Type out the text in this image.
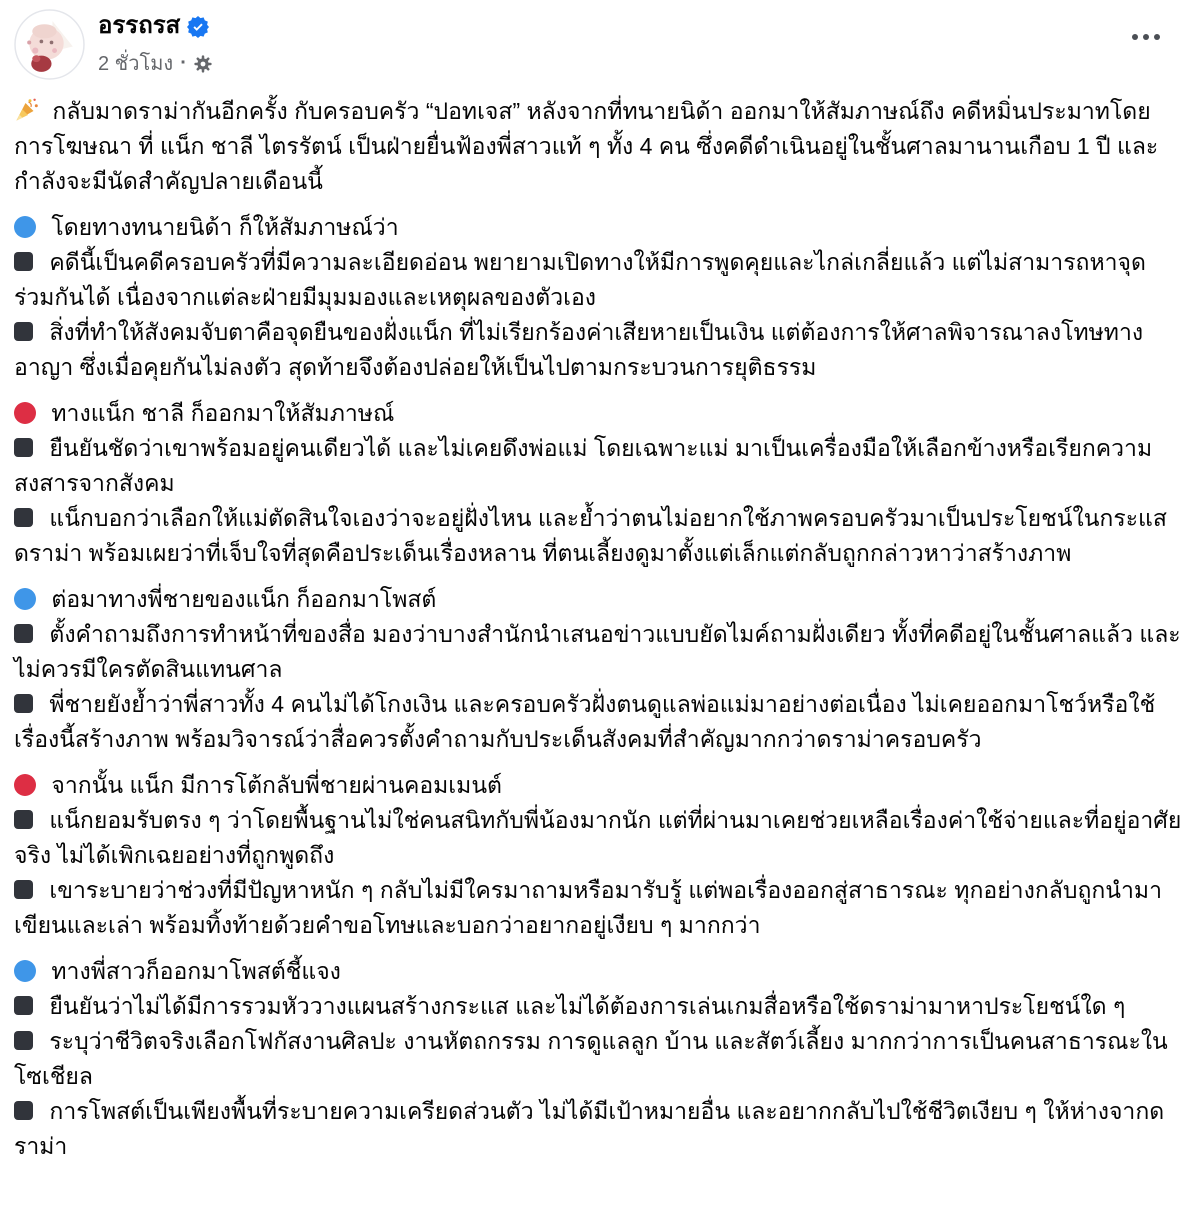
อรรถรส
2 ชั่วโมง ·
กลับมาดราม่ากันอีกครั้ง กับครอบครัว “ปอทเจส” หลังจากที่ทนายนิด้า ออกมาให้สัมภาษณ์ถึง คดีหมิ่นประมาทโดยการโฆษณา ที่ แน็ก ชาลี ไตรรัตน์ เป็นฝ่ายยื่นฟ้องพี่สาวแท้ ๆ ทั้ง 4 คน ซึ่งคดีดำเนินอยู่ในชั้นศาลมานานเกือบ 1 ปี และกำลังจะมีนัดสำคัญปลายเดือนนี้
โดยทางทนายนิด้า ก็ให้สัมภาษณ์ว่า
คดีนี้เป็นคดีครอบครัวที่มีความละเอียดอ่อน พยายามเปิดทางให้มีการพูดคุยและไกล่เกลี่ยแล้ว แต่ไม่สามารถหาจุดร่วมกันได้ เนื่องจากแต่ละฝ่ายมีมุมมองและเหตุผลของตัวเอง
สิ่งที่ทำให้สังคมจับตาคือจุดยืนของฝั่งแน็ก ที่ไม่เรียกร้องค่าเสียหายเป็นเงิน แต่ต้องการให้ศาลพิจารณาลงโทษทางอาญา ซึ่งเมื่อคุยกันไม่ลงตัว สุดท้ายจึงต้องปล่อยให้เป็นไปตามกระบวนการยุติธรรม
ทางแน็ก ชาลี ก็ออกมาให้สัมภาษณ์
ยืนยันชัดว่าเขาพร้อมอยู่คนเดียวได้ และไม่เคยดึงพ่อแม่ โดยเฉพาะแม่ มาเป็นเครื่องมือให้เลือกข้างหรือเรียกความสงสารจากสังคม
แน็กบอกว่าเลือกให้แม่ตัดสินใจเองว่าจะอยู่ฝั่งไหน และย้ำว่าตนไม่อยากใช้ภาพครอบครัวมาเป็นประโยชน์ในกระแสดราม่า พร้อมเผยว่าที่เจ็บใจที่สุดคือประเด็นเรื่องหลาน ที่ตนเลี้ยงดูมาตั้งแต่เล็กแต่กลับถูกกล่าวหาว่าสร้างภาพ
ต่อมาทางพี่ชายของแน็ก ก็ออกมาโพสต์
ตั้งคำถามถึงการทำหน้าที่ของสื่อ มองว่าบางสำนักนำเสนอข่าวแบบยัดไมค์ถามฝั่งเดียว ทั้งที่คดีอยู่ในชั้นศาลแล้ว และไม่ควรมีใครตัดสินแทนศาล
พี่ชายยังย้ำว่าพี่สาวทั้ง 4 คนไม่ได้โกงเงิน และครอบครัวฝั่งตนดูแลพ่อแม่มาอย่างต่อเนื่อง ไม่เคยออกมาโชว์หรือใช้เรื่องนี้สร้างภาพ พร้อมวิจารณ์ว่าสื่อควรตั้งคำถามกับประเด็นสังคมที่สำคัญมากกว่าดราม่าครอบครัว
จากนั้น แน็ก มีการโต้กลับพี่ชายผ่านคอมเมนต์
แน็กยอมรับตรง ๆ ว่าโดยพื้นฐานไม่ใช่คนสนิทกับพี่น้องมากนัก แต่ที่ผ่านมาเคยช่วยเหลือเรื่องค่าใช้จ่ายและที่อยู่อาศัยจริง ไม่ได้เพิกเฉยอย่างที่ถูกพูดถึง
เขาระบายว่าช่วงที่มีปัญหาหนัก ๆ กลับไม่มีใครมาถามหรือมารับรู้ แต่พอเรื่องออกสู่สาธารณะ ทุกอย่างกลับถูกนำมาเขียนและเล่า พร้อมทิ้งท้ายด้วยคำขอโทษและบอกว่าอยากอยู่เงียบ ๆ มากกว่า
ทางพี่สาวก็ออกมาโพสต์ชี้แจง
ยืนยันว่าไม่ได้มีการรวมหัววางแผนสร้างกระแส และไม่ได้ต้องการเล่นเกมสื่อหรือใช้ดราม่ามาหาประโยชน์ใด ๆ
ระบุว่าชีวิตจริงเลือกโฟกัสงานศิลปะ งานหัตถกรรม การดูแลลูก บ้าน และสัตว์เลี้ยง มากกว่าการเป็นคนสาธารณะในโซเชียล
การโพสต์เป็นเพียงพื้นที่ระบายความเครียดส่วนตัว ไม่ได้มีเป้าหมายอื่น และอยากกลับไปใช้ชีวิตเงียบ ๆ ให้ห่างจากดราม่า
